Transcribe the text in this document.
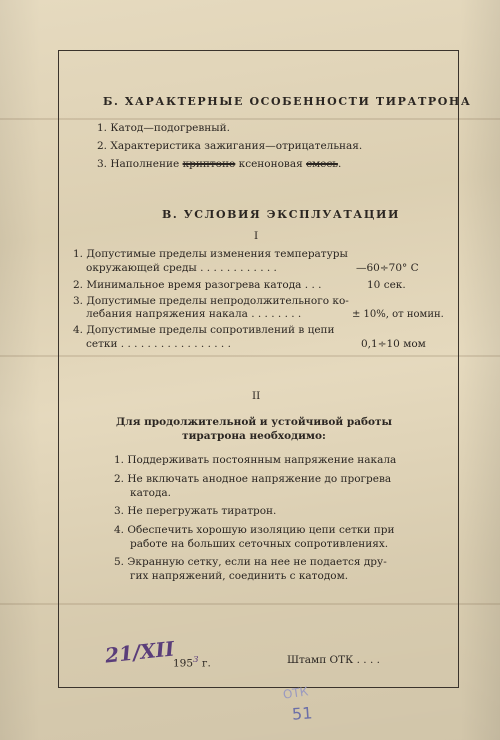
Б. ХАРАКТЕРНЫЕ ОСОБЕННОСТИ ТИРАТРОНА
1. Катод—подогревный.
2. Характеристика зажигания—отрицательная.
3. Наполнение криптоно ксеноновая смесь.
В. УСЛОВИЯ ЭКСПЛУАТАЦИИ
I
1. Допустимые пределы изменения температуры
окружающей среды . . . . . . . . . . . .	—60÷70° С
2. Минимальное время разогрева катода . . .	10 сек.
3. Допустимые пределы непродолжительного ко-
лебания напряжения накала . . . . . . . .	± 10%, от номин.
4. Допустимые пределы сопротивлений в цепи
сетки . . . . . . . . . . . . . . . . .	0,1÷10 мом
II
Для продолжительной и устойчивой работы
тиратрона необходимо:
1. Поддерживать постоянным напряжение накала
2. Не включать анодное напряжение до прогрева
катода.
3. Не перегружать тиратрон.
4. Обеспечить хорошую изоляцию цепи сетки при
работе на больших сеточных сопротивлениях.
5. Экранную сетку, если на нее не подается дру-
гих напряжений, соединить с катодом.
21/XII
$195^3$ г.	Штамп ОТК . . . .
ОТК
51
